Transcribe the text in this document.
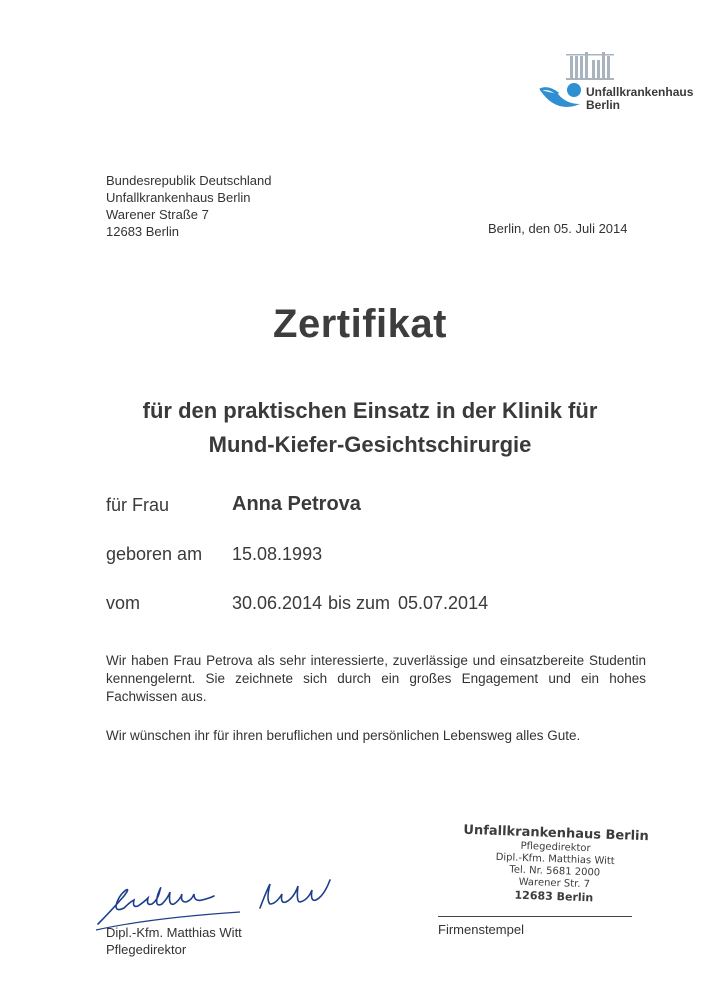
Unfallkrankenhaus
Berlin
Bundesrepublik Deutschland
Unfallkrankenhaus Berlin
Warener Straße 7
12683 Berlin	Berlin, den 05. Juli 2014
Zertifikat
für den praktischen Einsatz in der Klinik für
Mund-Kiefer-Gesichtschirurgie
für Frau	Anna Petrova
geboren am 15.08.1993
vom	30.06.2014 bis zum 05.07.2014
Wir haben Frau Petrova als sehr interessierte, zuverlässige und einsatzbereite Studentin kennengelernt. Sie zeichnete sich durch ein großes Engagement und ein hohes Fachwissen aus.
Wir wünschen ihr für ihren beruflichen und persönlichen Lebensweg alles Gute.
Unfallkrankenhaus Berlin
Pflegedirektor
Dipl.-Kfm. Matthias Witt
Tel. Nr. 5681 2000
Warener Str. 7
12683 Berlin
Firmenstempel
Dipl.-Kfm. Matthias Witt
Pflegedirektor
